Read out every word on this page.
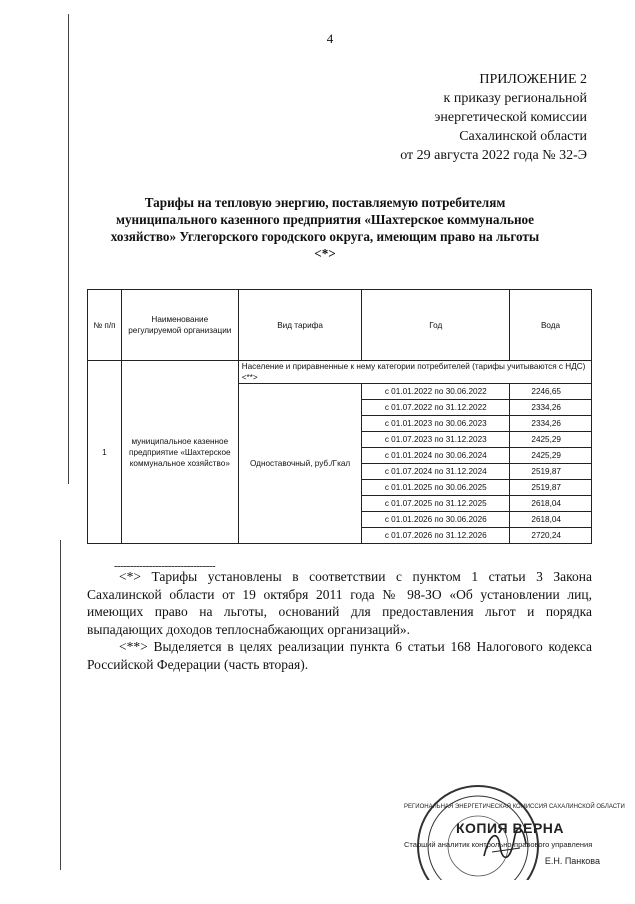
4
ПРИЛОЖЕНИЕ 2
к приказу региональной
энергетической комиссии
Сахалинской области
от 29 августа 2022 года № 32-Э
Тарифы на тепловую энергию, поставляемую потребителям
муниципального казенного предприятия «Шахтерское коммунальное
хозяйство» Углегорского городского округа, имеющим право на льготы
<*>
№ п/п	Наименование регулируемой организации	Вид тарифа	Год	Вода
1	муниципальное казенное предприятие «Шахтерское коммунальное хозяйство»	Население и приравненные к нему категории потребителей (тарифы учитываются с НДС) <**>		
		Одноставочный, руб./Гкал	с 01.01.2022 по 30.06.2022	2246,65
			с 01.07.2022 по 31.12.2022	2334,26
			с 01.01.2023 по 30.06.2023	2334,26
			с 01.07.2023 по 31.12.2023	2425,29
			с 01.01.2024 по 30.06.2024	2425,29
			с 01.07.2024 по 31.12.2024	2519,87
			с 01.01.2025 по 30.06.2025	2519,87
			с 01.07.2025 по 31.12.2025	2618,04
			с 01.01.2026 по 30.06.2026	2618,04
			с 01.07.2026 по 31.12.2026	2720,24
--------------------------------

<*> Тарифы установлены в соответствии с пунктом 1 статьи 3 Закона Сахалинской области от 19 октября 2011 года № 98-ЗО «Об установлении лиц, имеющих право на льготы, оснований для предоставления льгот и порядка выпадающих доходов теплоснабжающих организаций».

<**> Выделяется в целях реализации пункта 6 статьи 168 Налогового кодекса Российской Федерации (часть вторая).

РЕГИОНАЛЬНАЯ ЭНЕРГЕТИЧЕСКАЯ КОМИССИЯ САХАЛИНСКОЙ ОБЛАСТИ
КОПИЯ ВЕРНА
Старший аналитик контрольно-правового управления
Е.Н. Панкова
